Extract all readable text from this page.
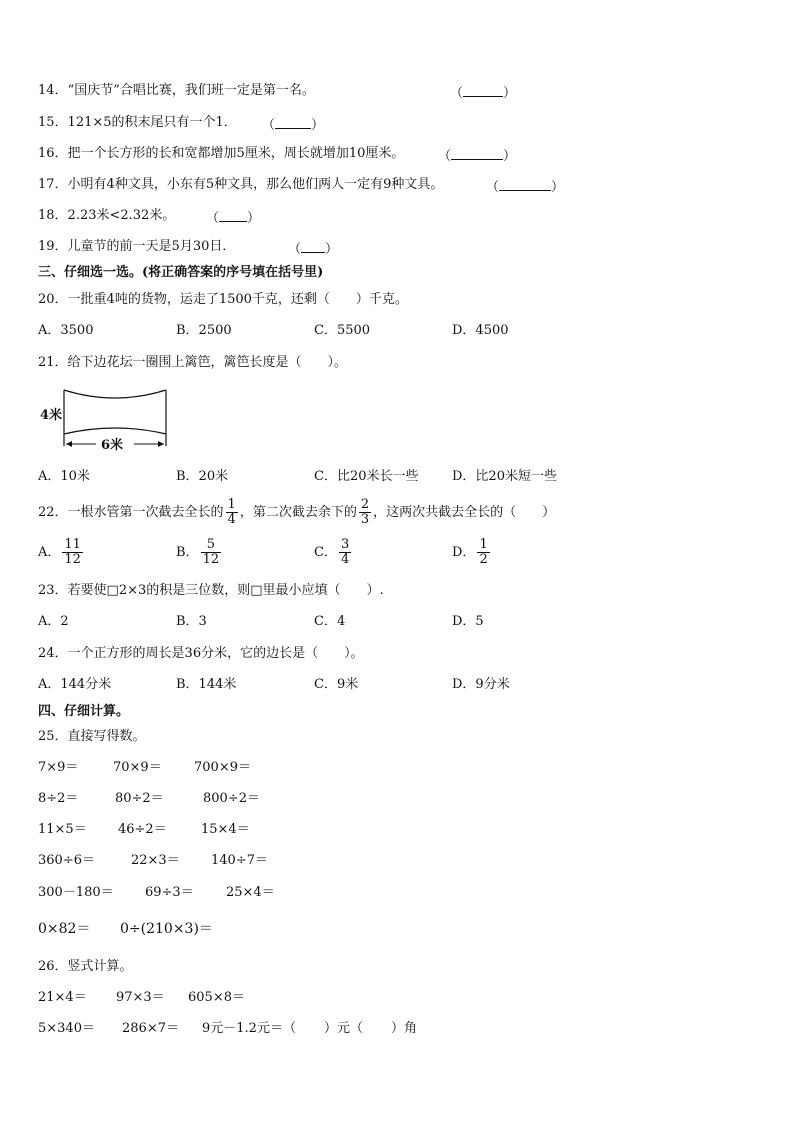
14．“国庆节”合唱比赛，我们班一定是第一名。	（	）
15．121×5的积末尾只有一个1． （	）
16．把一个长方形的长和宽都增加5厘米，周长就增加10厘米。	（	）
17．小明有4种文具，小东有5种文具，那么他们两人一定有9种文具。	（	）
18．2.23米<2.32米。 （ ）
19．儿童节的前一天是5月30日．	（ ）
三、仔细选一选。(将正确答案的序号填在括号里)
20．一批重4吨的货物，运走了1500千克，还剩（　　）千克。
A．3500	B．2500	C．5500	D．4500
21．给下边花坛一圈围上篱笆，篱笆长度是（　　）。
4米
6米
A．10米	B．20米	C．比20米长一些	D．比20米短一些
22．一根水管第一次截去全长的 $\frac{1}{4}$ ，第二次截去余下的 $\frac{2}{3}$ ，这两次共截去全长的（　　）
A． $\frac{11}{12}$	B． $\frac{5}{12}$	C． $\frac{3}{4}$	D． $\frac{1}{2}$
23．若要使□2×3的积是三位数，则□里最小应填（　　）.
A．2	B．3	C．4	D．5
24．一个正方形的周长是36分米，它的边长是（　　）。
A．144分米	B．144米	C．9米	D．9分米
四、仔细计算。
25．直接写得数。
7×9＝	70×9＝ 700×9＝
8÷2＝	80÷2＝	800÷2＝
11×5＝ 46÷2＝	15×4＝
360÷6＝	22×3＝ 140÷7＝
300－180＝ 69÷3＝ 25×4＝
0×82＝ 0÷(210×3)＝
26．竖式计算。
21×4＝ 97×3＝ 605×8＝
5×340＝ 286×7＝ 9元－1.2元＝（ ）元（ ）角
